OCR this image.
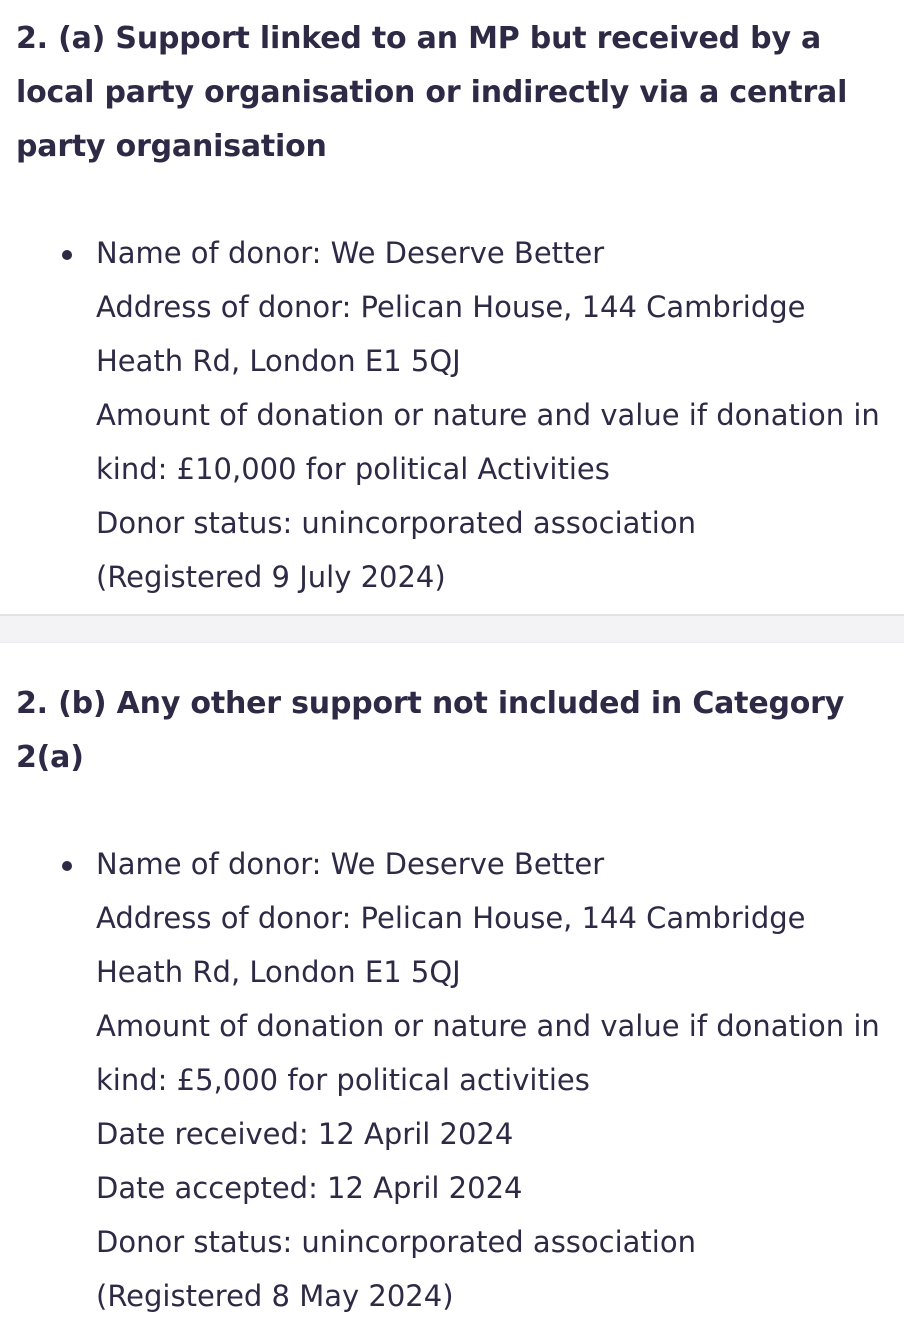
2. (a) Support linked to an MP but received by a local party organisation or indirectly via a central party organisation
Name of donor: We Deserve Better
Address of donor: Pelican House, 144 Cambridge
Heath Rd, London E1 5QJ
Amount of donation or nature and value if donation in
kind: £10,000 for political Activities
Donor status: unincorporated association
(Registered 9 July 2024)
2. (b) Any other support not included in Category 2(a)
Name of donor: We Deserve Better
Address of donor: Pelican House, 144 Cambridge
Heath Rd, London E1 5QJ
Amount of donation or nature and value if donation in
kind: £5,000 for political activities
Date received: 12 April 2024
Date accepted: 12 April 2024
Donor status: unincorporated association
(Registered 8 May 2024)
